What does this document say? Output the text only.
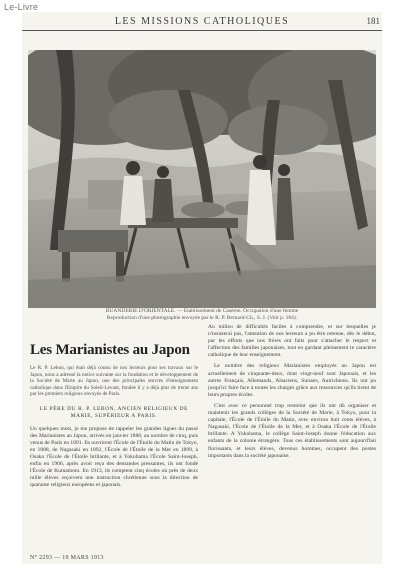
Le-Livre
LES MISSIONS CATHOLIQUES	181
BUANDERIE D'ORIENTALE. — Etablissement de Caserne. Occupation d'une femme
Reproduction d'une photographie envoyée par le R. P. Bernard-Ch., S. J. (Voir p. 184).
Les Marianistes au Japon

Le R. P. Lebon, qui était déjà connu de nos lecteurs pour ses travaux sur le Japon, nous a adressé la notice suivante sur la fondation et le développement de la Société de Marie au Japon, une des principales œuvres d'enseignement catholique dans l'Empire du Soleil-Levant, fondée il y a déjà plus de trente ans par les premiers religieux envoyés de Paris.

LE PÈRE DU R. P. LEBON, ANCIEN RELIGIEUX DE MARIE, SUPÉRIEUR A PARIS.

Un quelques mots, je me propose de rappeler les grandes lignes du passé des Marianistes au Japon, arrivés en janvier 1888, au nombre de cinq, puis venus de Paris en 1891. Ils ouvrirent l'École de l'Étoile du Matin de Tokyo, en 1888, de Nagasaki en 1892, l'École de l'Étoile de la Mer en 1899, à Osaka l'École de l'Étoile brillante, et à Yokohama l'École Saint-Joseph, enfin en 1906, après avoir reçu des demandes pressantes, ils ont fondé l'École de Kumamoto. En 1913, ils comptent cinq écoles où près de deux mille élèves reçoivent une instruction chrétienne sous la direction de quarante religieux européens et japonais.

Au milieu de difficultés faciles à comprendre, et sur lesquelles je n'insisterai pas, l'attention de nos lecteurs a pu être retenue, dès le début, par les efforts que nos frères ont faits pour s'attacher le respect et l'affection des familles japonaises, tout en gardant pleinement le caractère catholique de leur enseignement.

Le nombre des religieux Marianistes employés au Japon est actuellement de cinquante-deux, dont vingt-neuf sont Japonais, et les autres Français, Allemands, Alsaciens, Suisses, Autrichiens. Ils ont pu jusqu'ici faire face à toutes les charges grâce aux ressources qu'ils tirent de leurs propres écoles.

C'est avec ce personnel trop restreint que ils ont dû organiser et maintenir les grands collèges de la Société de Marie, à Tokyo, pour la capitale, l'École de l'Étoile du Matin, avec environ huit cents élèves, à Nagasaki, l'École de l'Étoile de la Mer, et à Osaka l'École de l'Étoile brillante. A Yokohama, le collège Saint-Joseph donne l'éducation aux enfants de la colonie étrangère. Tous ces établissements sont aujourd'hui florissants, et leurs élèves, devenus hommes, occupent des postes importants dans la société japonaise.

N° 2293 — 19 MARS 1913
